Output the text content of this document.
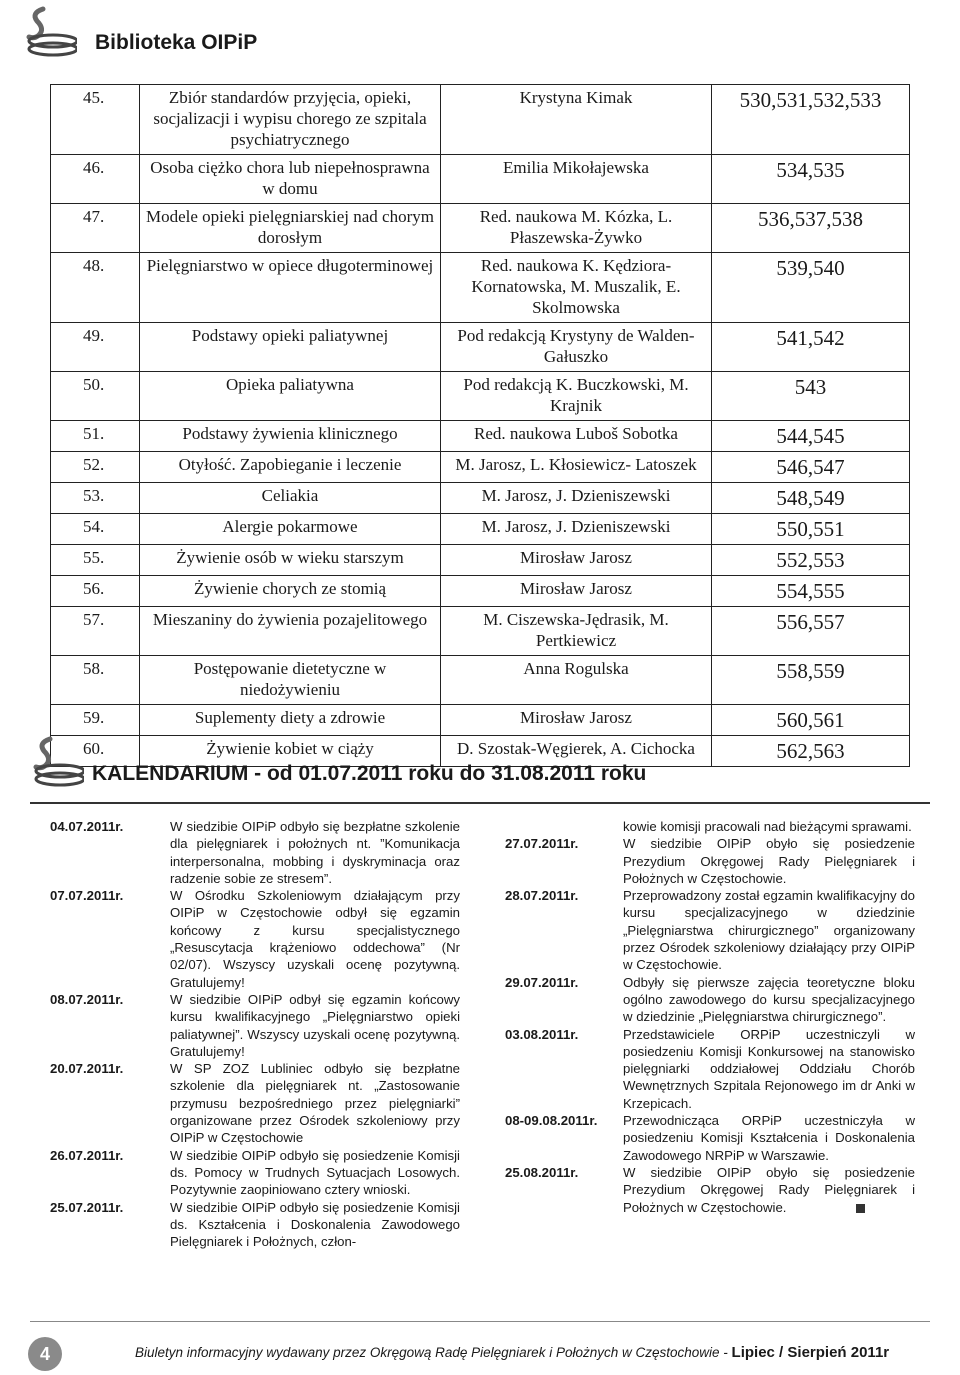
Biblioteka OIPiP
45.	Zbiór standardów przyjęcia, opieki, socjalizacji i wypisu chorego ze szpitala psychiatrycznego	Krystyna Kimak	530,531,532,533
46.	Osoba ciężko chora lub niepełnosprawna w domu	Emilia Mikołajewska	534,535
47.	Modele opieki pielęgniarskiej nad chorym dorosłym	Red. naukowa M. Kózka, L. Płaszewska-Żywko	536,537,538
48.	Pielęgniarstwo w opiece długoterminowej	Red. naukowa K. Kędziora-Kornatowska, M. Muszalik, E. Skolmowska	539,540
49.	Podstawy opieki paliatywnej	Pod redakcją Krystyny de Walden-Gałuszko	541,542
50.	Opieka paliatywna	Pod redakcją K. Buczkowski, M. Krajnik	543
51.	Podstawy żywienia klinicznego	Red. naukowa Luboš Sobotka	544,545
52.	Otyłość. Zapobieganie i leczenie	M. Jarosz, L. Kłosiewicz- Latoszek	546,547
53.	Celiakia	M. Jarosz, J. Dzieniszewski	548,549
54.	Alergie pokarmowe	M. Jarosz, J. Dzieniszewski	550,551
55.	Żywienie osób w wieku starszym	Mirosław Jarosz	552,553
56.	Żywienie chorych ze stomią	Mirosław Jarosz	554,555
57.	Mieszaniny do żywienia pozajelitowego	M. Ciszewska-Jędrasik, M. Pertkiewicz	556,557
58.	Postępowanie dietetyczne w niedożywieniu	Anna Rogulska	558,559
59.	Suplementy diety a zdrowie	Mirosław Jarosz	560,561
60.	Żywienie kobiet w ciąży	D. Szostak-Węgierek, A. Cichocka	562,563
KALENDARIUM - od 01.07.2011 roku do 31.08.2011 roku
04.07.2011r.	W siedzibie OIPiP odbyło się bezpłatne szkolenie dla pielęgniarek i położnych nt. ”Komunikacja interpersonalna, mobbing i dyskryminacja oraz radzenie sobie ze stresem”.
07.07.2011r.	W Ośrodku Szkoleniowym działającym przy OIPiP w Częstochowie odbył się egzamin końcowy z kursu specjalistycznego „Resuscytacja krążeniowo oddechowa” (Nr 02/07). Wszyscy uzyskali ocenę pozytywną. Gratulujemy!
08.07.2011r.	W siedzibie OIPiP odbył się egzamin końcowy kursu kwalifikacyjnego „Pielęgniarstwo opieki paliatywnej”. Wszyscy uzyskali ocenę pozytywną. Gratulujemy!
20.07.2011r.	W SP ZOZ Lubliniec odbyło się bezpłatne szkolenie dla pielęgniarek nt. „Zastosowanie przymusu bezpośredniego przez pielęgniarki” organizowane przez Ośrodek szkoleniowy przy OIPiP w Częstochowie
26.07.2011r.	W siedzibie OIPiP odbyło się posiedzenie Komisji ds. Pomocy w Trudnych Sytuacjach Losowych. Pozytywnie zaopiniowano cztery wnioski.
25.07.2011r.	W siedzibie OIPiP odbyło się posiedzenie Komisji ds. Kształcenia i Doskonalenia Zawodowego Pielęgniarek i Położnych, człon-
kowie komisji pracowali nad bieżącymi sprawami.
27.07.2011r.	W siedzibie OIPiP obyło się posiedzenie Prezydium Okręgowej Rady Pielęgniarek i Położnych w Częstochowie.
28.07.2011r.	Przeprowadzony został egzamin kwalifikacyjny do kursu specjalizacyjnego w dziedzinie „Pielęgniarstwa chirurgicznego” organizowany przez Ośrodek szkoleniowy działający przy OIPiP w Częstochowie.
29.07.2011r.	Odbyły się pierwsze zajęcia teoretyczne bloku ogólno zawodowego do kursu specjalizacyjnego w dziedzinie „Pielęgniarstwa chirurgicznego”.
03.08.2011r.	Przedstawiciele ORPiP uczestniczyli w posiedzeniu Komisji Konkursowej na stanowisko pielęgniarki oddziałowej Oddziału Chorób Wewnętrznych Szpitala Rejonowego im dr Anki w Krzepicach.
08-09.08.2011r.	Przewodnicząca ORPiP uczestniczyła w posiedzeniu Komisji Kształcenia i Doskonalenia Zawodowego NRPiP w Warszawie.
25.08.2011r.	W siedzibie OIPiP obyło się posiedzenie Prezydium Okręgowej Rady Pielęgniarek i Położnych w Częstochowie.
4	Biuletyn informacyjny wydawany przez Okręgową Radę Pielęgniarek i Położnych w Częstochowie - Lipiec / Sierpień 2011r
